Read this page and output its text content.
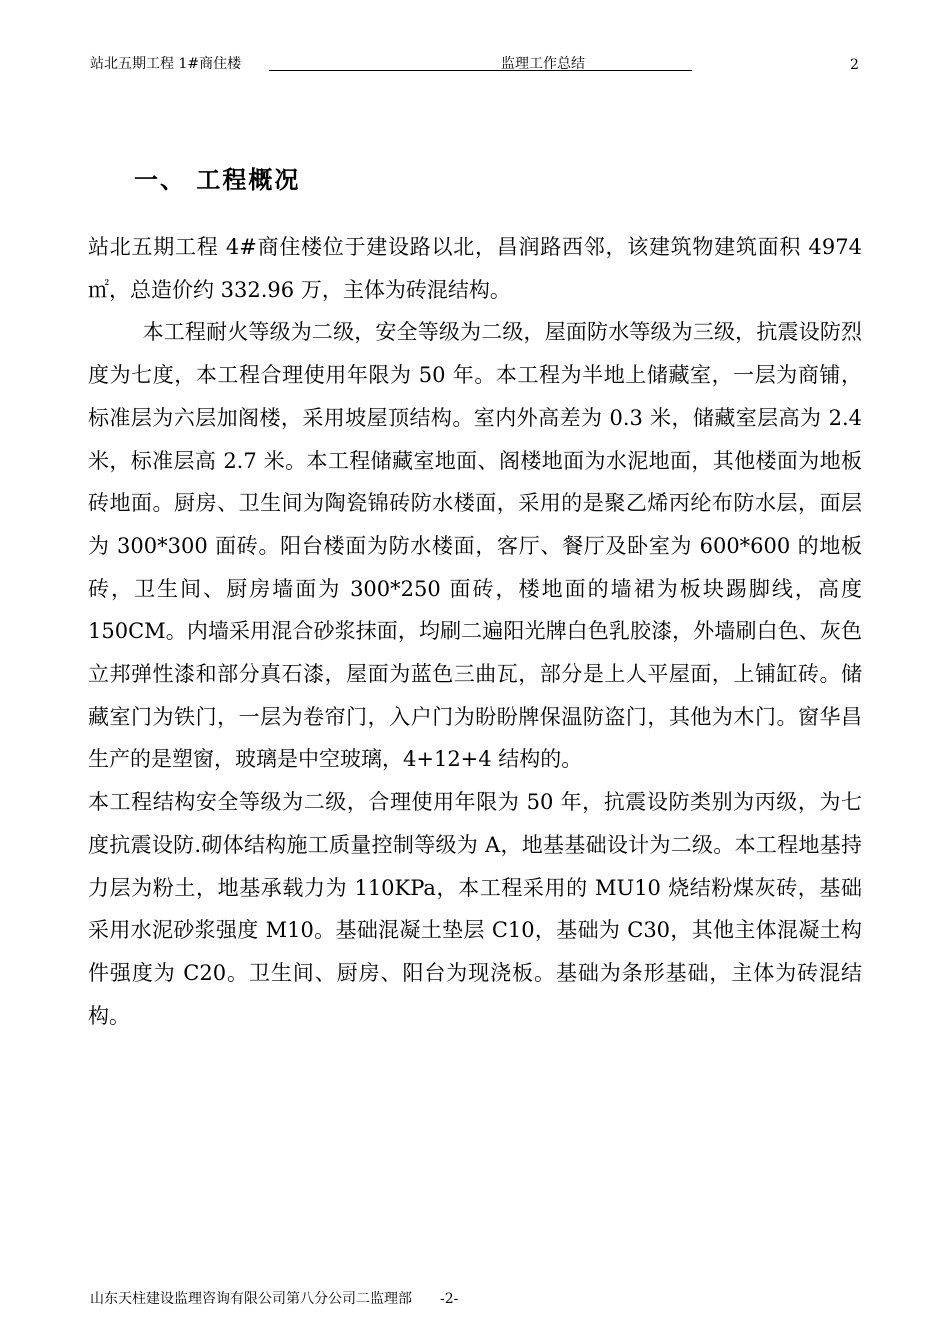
站北五期工程 1#商住楼	监理工作总结	2
一、 工程概况

站北五期工程 4#商住楼位于建设路以北，昌润路西邻，该建筑物建筑面积 4974㎡，总造价约 332.96 万，主体为砖混结构。

本工程耐火等级为二级，安全等级为二级，屋面防水等级为三级，抗震设防烈度为七度，本工程合理使用年限为 50 年。本工程为半地上储藏室，一层为商铺，标准层为六层加阁楼，采用坡屋顶结构。室内外高差为 0.3 米，储藏室层高为 2.4 米，标准层高 2.7 米。本工程储藏室地面、阁楼地面为水泥地面，其他楼面为地板砖地面。厨房、卫生间为陶瓷锦砖防水楼面，采用的是聚乙烯丙纶布防水层，面层为 300*300 面砖。阳台楼面为防水楼面，客厅、餐厅及卧室为 600*600 的地板砖，卫生间、厨房墙面为 300*250 面砖，楼地面的墙裙为板块踢脚线，高度150CM。内墙采用混合砂浆抹面，均刷二遍阳光牌白色乳胶漆，外墙刷白色、灰色立邦弹性漆和部分真石漆，屋面为蓝色三曲瓦，部分是上人平屋面，上铺缸砖。储藏室门为铁门，一层为卷帘门，入户门为盼盼牌保温防盗门，其他为木门。窗华昌生产的是塑窗，玻璃是中空玻璃，4+12+4 结构的。

本工程结构安全等级为二级，合理使用年限为 50 年，抗震设防类别为丙级，为七度抗震设防.砌体结构施工质量控制等级为 A，地基基础设计为二级。本工程地基持力层为粉土，地基承载力为 110KPa，本工程采用的 MU10 烧结粉煤灰砖，基础采用水泥砂浆强度 M10。基础混凝土垫层 C10，基础为 C30，其他主体混凝土构件强度为 C20。卫生间、厨房、阳台为现浇板。基础为条形基础，主体为砖混结构。

山东天柱建设监理咨询有限公司第八分公司二监理部 -2-
